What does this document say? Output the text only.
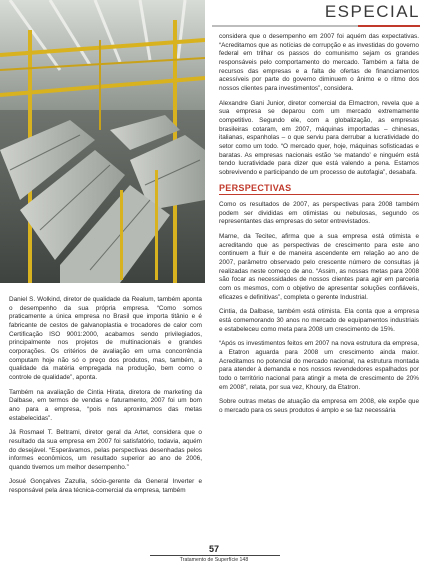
ESPECIAL

Daniel S. Wolkind, diretor de qualidade da Realum, também aponta o desempenho da sua própria empresa. “Como somos praticamente a única empresa no Brasil que importa titânio e é fabricante de cestos de galvanoplastia e trocadores de calor com Certificação ISO 9001:2000, acabamos sendo privilegiados, principalmente nos projetos de multinacionais e grandes corporações. Os critérios de avaliação em uma concorrência computam hoje não só o preço dos produtos, mas, também, a qualidade da matéria empregada na produção, bem como o controle de qualidade”, aponta.

Também na avaliação de Cintia Hirata, diretora de marketing da Dalbase, em termos de vendas e faturamento, 2007 foi um bom ano para a empresa, “pois nos aproximamos das metas estabelecidas”.

Já Rosmael T. Beltrami, diretor geral da Artet, considera que o resultado da sua empresa em 2007 foi satisfatório, todavia, aquém do desejável. “Esperávamos, pelas perspectivas desenhadas pelos informes econômicos, um resultado superior ao ano de 2006, quando tivemos um melhor desempenho.”

Josué Gonçalves Zazulla, sócio-gerente da General Inverter e responsável pela área técnica-comercial da empresa, também

considera que o desempenho em 2007 foi aquém das expectativas. “Acreditamos que as notícias de corrupção e as investidas do governo federal em trilhar os passos do comunismo sejam os grandes responsáveis pelo comportamento do mercado. Também a falta de recursos das empresas e a falta de ofertas de financiamentos acessíveis por parte do governo diminuem o ânimo e o ritmo dos nossos clientes para investimentos”, considera.

Alexandre Gani Junior, diretor comercial da Elmactron, revela que a sua empresa se deparou com um mercado extremamente competitivo. Segundo ele, com a globalização, as empresas brasileiras cotaram, em 2007, máquinas importadas – chinesas, italianas, espanholas – o que serviu para derrubar a lucratividade do setor como um todo. “O mercado quer, hoje, máquinas sofisticadas e baratas. As empresas nacionais estão ‘se matando’ e ninguém está tendo lucratividade para dizer que está valendo a pena. Estamos sobrevivendo e participando de um processo de autofagia”, desabafa.

PERSPECTIVAS

Como os resultados de 2007, as perspectivas para 2008 também podem ser divididas em otimistas ou nebulosas, segundo os representantes das empresas do setor entrevistados.

Marne, da Tecitec, afirma que a sua empresa está otimista e acreditando que as perspectivas de crescimento para este ano continuem a fluir e de maneira ascendente em relação ao ano de 2007, parâmetro observado pelo crescente número de consultas já realizadas neste começo de ano. “Assim, as nossas metas para 2008 são focar as necessidades de nossos clientes para agir em parceria com os mesmos, com o objetivo de apresentar soluções confiáveis, eficazes e definitivas”, completa o gerente Industrial.

Cintia, da Dalbase, também está otimista. Ela conta que a empresa está comemorando 30 anos no mercado de equipamentos industriais e estabeleceu como meta para 2008 um crescimento de 15%.

“Após os investimentos feitos em 2007 na nova estrutura da empresa, a Etatron aguarda para 2008 um crescimento ainda maior. Acreditamos no potencial do mercado nacional, na estrutura montada para atender à demanda e nos nossos revendedores espalhados por todo o território nacional para atingir a meta de crescimento de 20% em 2008”, relata, por sua vez, Khoury, da Etatron.

Sobre outras metas de atuação da empresa em 2008, ele expõe que o mercado para os seus produtos é amplo e se faz necessária

57
Tratamento de Superfície 148
